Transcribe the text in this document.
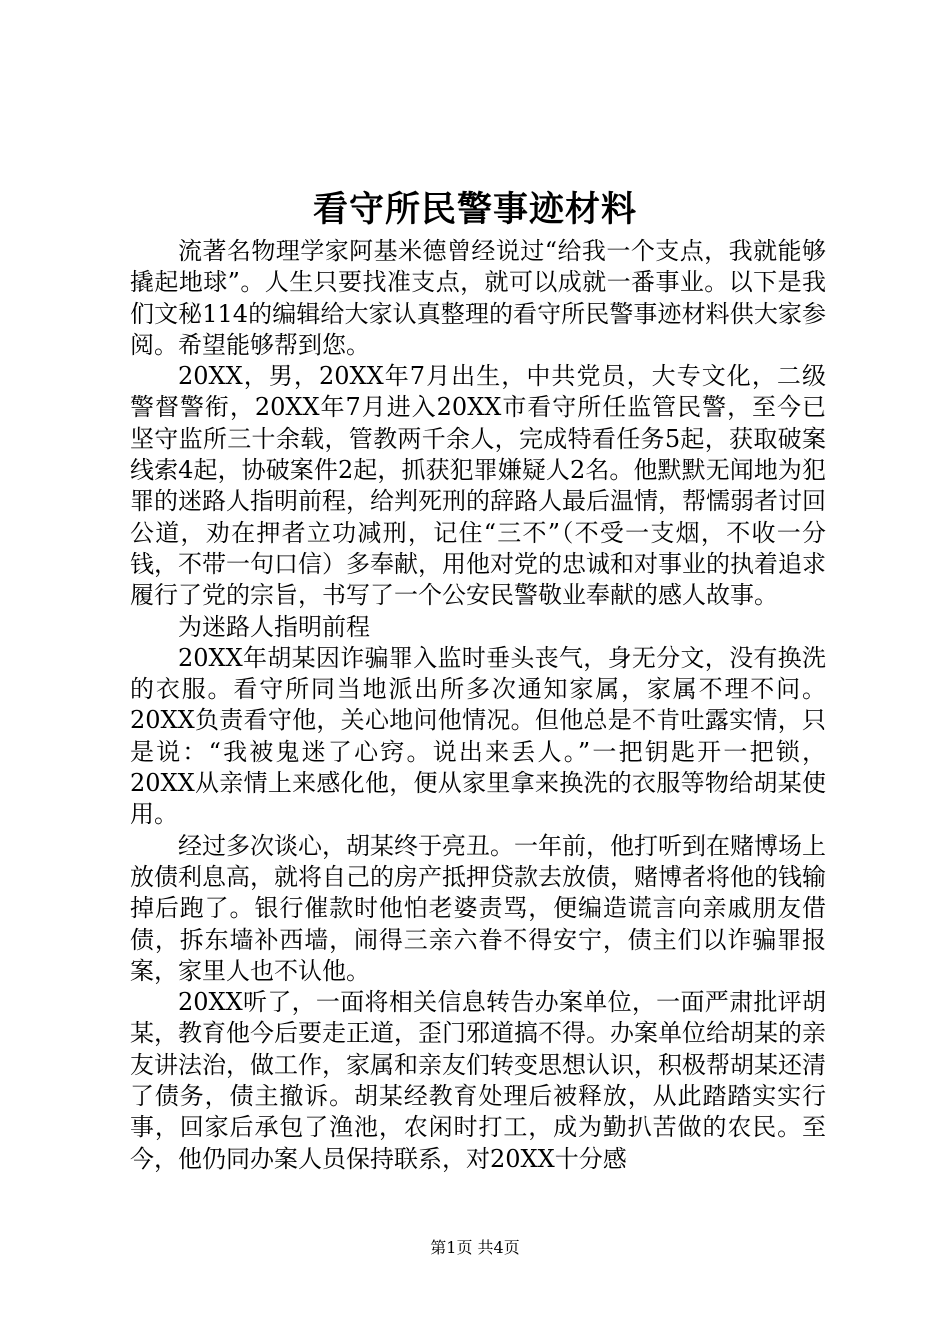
看守所民警事迹材料

流著名物理学家阿基米德曾经说过“给我一个支点，我就能够撬起地球”。人生只要找准支点，就可以成就一番事业。以下是我们文秘114的编辑给大家认真整理的看守所民警事迹材料供大家参阅。希望能够帮到您。

20XX，男，20XX年7月出生，中共党员，大专文化，二级警督警衔，20XX年7月进入20XX市看守所任监管民警，至今已坚守监所三十余载，管教两千余人，完成特看任务5起，获取破案线索4起，协破案件2起，抓获犯罪嫌疑人2名。他默默无闻地为犯罪的迷路人指明前程，给判死刑的辞路人最后温情，帮懦弱者讨回公道，劝在押者立功减刑，记住“三不”（不受一支烟，不收一分钱，不带一句口信）多奉献，用他对党的忠诚和对事业的执着追求履行了党的宗旨，书写了一个公安民警敬业奉献的感人故事。

为迷路人指明前程

20XX年胡某因诈骗罪入监时垂头丧气，身无分文，没有换洗的衣服。看守所同当地派出所多次通知家属，家属不理不问。20XX负责看守他，关心地问他情况。但他总是不肯吐露实情，只是说：“我被鬼迷了心窍。说出来丢人。”一把钥匙开一把锁，20XX从亲情上来感化他，便从家里拿来换洗的衣服等物给胡某使用。

经过多次谈心，胡某终于亮丑。一年前，他打听到在赌博场上放债利息高，就将自己的房产抵押贷款去放债，赌博者将他的钱输掉后跑了。银行催款时他怕老婆责骂，便编造谎言向亲戚朋友借债，拆东墙补西墙，闹得三亲六眷不得安宁，债主们以诈骗罪报案，家里人也不认他。

20XX听了，一面将相关信息转告办案单位，一面严肃批评胡某，教育他今后要走正道，歪门邪道搞不得。办案单位给胡某的亲友讲法治，做工作，家属和亲友们转变思想认识，积极帮胡某还清了债务，债主撤诉。胡某经教育处理后被释放，从此踏踏实实行事，回家后承包了渔池，农闲时打工，成为勤扒苦做的农民。至今，他仍同办案人员保持联系，对20XX十分感

第1页 共4页
